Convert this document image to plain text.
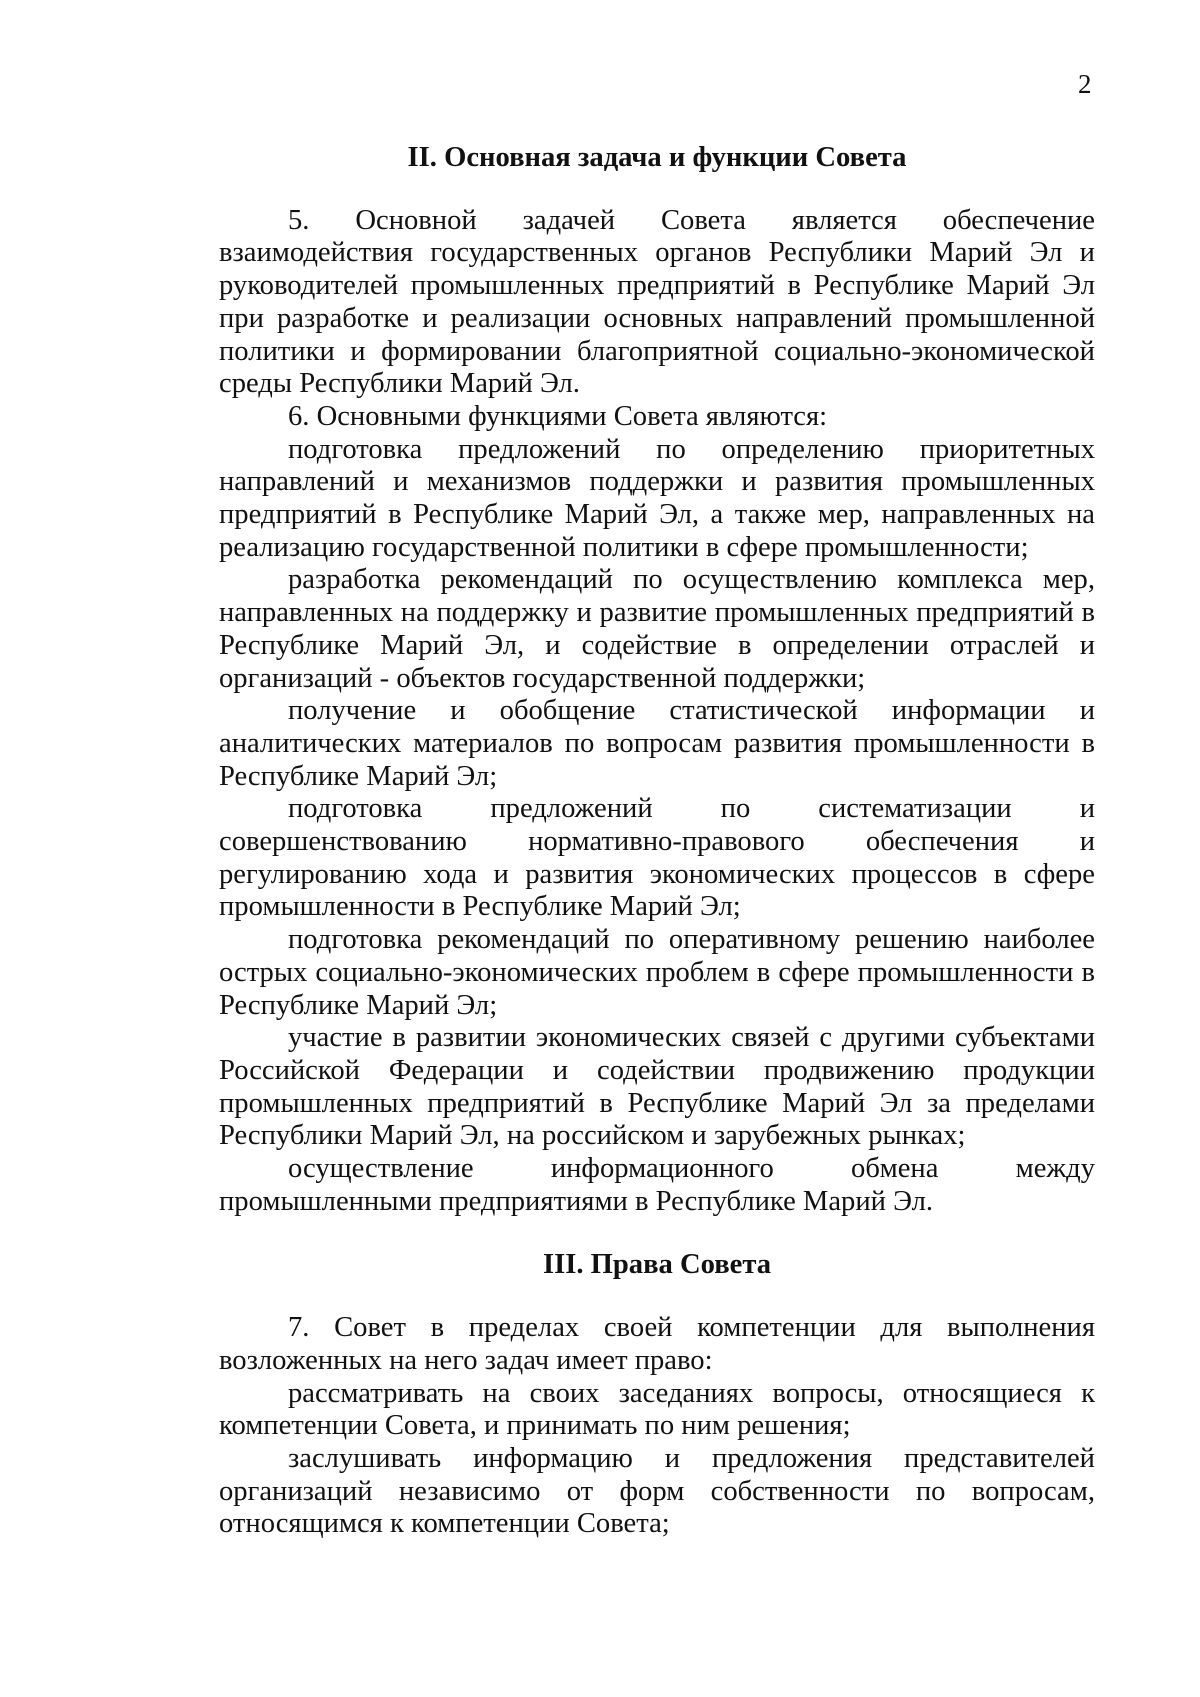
2

II. Основная задача и функции Совета

5. Основной задачей Совета является обеспечение взаимодействия государственных органов Республики Марий Эл и руководителей промышленных предприятий в Республике Марий Эл при разработке и реализации основных направлений промышленной политики и формировании благоприятной социально-экономической среды Республики Марий Эл.

6. Основными функциями Совета являются:

подготовка предложений по определению приоритетных направлений и механизмов поддержки и развития промышленных предприятий в Республике Марий Эл, а также мер, направленных на реализацию государственной политики в сфере промышленности;

разработка рекомендаций по осуществлению комплекса мер, направленных на поддержку и развитие промышленных предприятий в Республике Марий Эл, и содействие в определении отраслей и организаций - объектов государственной поддержки;

получение и обобщение статистической информации и аналитических материалов по вопросам развития промышленности в Республике Марий Эл;

подготовка предложений по систематизации и совершенствованию нормативно-правового обеспечения и регулированию хода и развития экономических процессов в сфере промышленности в Республике Марий Эл;

подготовка рекомендаций по оперативному решению наиболее острых социально-экономических проблем в сфере промышленности в Республике Марий Эл;

участие в развитии экономических связей с другими субъектами Российской Федерации и содействии продвижению продукции промышленных предприятий в Республике Марий Эл за пределами Республики Марий Эл, на российском и зарубежных рынках;

осуществление информационного обмена между промышленными предприятиями в Республике Марий Эл.

III. Права Совета

7. Совет в пределах своей компетенции для выполнения возложенных на него задач имеет право:

рассматривать на своих заседаниях вопросы, относящиеся к компетенции Совета, и принимать по ним решения;

заслушивать информацию и предложения представителей организаций независимо от форм собственности по вопросам, относящимся к компетенции Совета;
